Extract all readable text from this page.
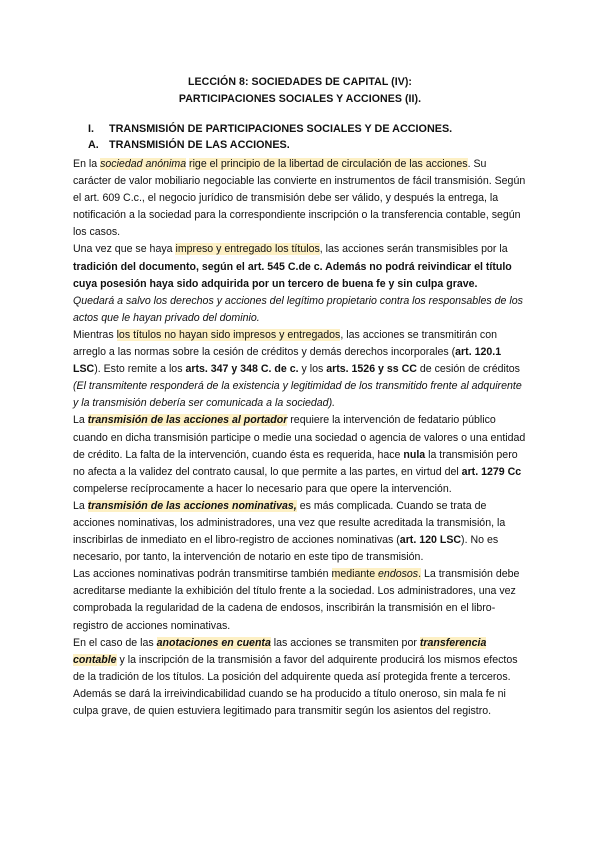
LECCIÓN 8: SOCIEDADES DE CAPITAL (IV):
PARTICIPACIONES SOCIALES Y ACCIONES (II).
I. TRANSMISIÓN DE PARTICIPACIONES SOCIALES Y DE ACCIONES.
A. TRANSMISIÓN DE LAS ACCIONES.

En la sociedad anónima rige el principio de la libertad de circulación de las acciones. Su carácter de valor mobiliario negociable las convierte en instrumentos de fácil transmisión. Según el art. 609 C.c., el negocio jurídico de transmisión debe ser válido, y después la entrega, la notificación a la sociedad para la correspondiente inscripción o la transferencia contable, según los casos.

Una vez que se haya impreso y entregado los títulos, las acciones serán transmisibles por la tradición del documento, según el art. 545 C.de c. Además no podrá reivindicar el título cuya posesión haya sido adquirida por un tercero de buena fe y sin culpa grave.
Quedará a salvo los derechos y acciones del legítimo propietario contra los responsables de los actos que le hayan privado del dominio.

Mientras los títulos no hayan sido impresos y entregados, las acciones se transmitirán con arreglo a las normas sobre la cesión de créditos y demás derechos incorporales (art. 120.1 LSC). Esto remite a los arts. 347 y 348 C. de c. y los arts. 1526 y ss CC de cesión de créditos
(El transmitente responderá de la existencia y legitimidad de los transmitido frente al adquirente y la transmisión debería ser comunicada a la sociedad).

La transmisión de las acciones al portador requiere la intervención de fedatario público cuando en dicha transmisión participe o medie una sociedad o agencia de valores o una entidad de crédito. La falta de la intervención, cuando ésta es requerida, hace nula la transmisión pero no afecta a la validez del contrato causal, lo que permite a las partes, en virtud del art. 1279 Cc compelerse recíprocamente a hacer lo necesario para que opere la intervención.

La transmisión de las acciones nominativas, es más complicada. Cuando se trata de acciones nominativas, los administradores, una vez que resulte acreditada la transmisión, la inscribirlas de inmediato en el libro-registro de acciones nominativas (art. 120 LSC). No es necesario, por tanto, la intervención de notario en este tipo de transmisión.

Las acciones nominativas podrán transmitirse también mediante endosos. La transmisión debe acreditarse mediante la exhibición del título frente a la sociedad. Los administradores, una vez comprobada la regularidad de la cadena de endosos, inscribirán la transmisión en el libro-registro de acciones nominativas.

En el caso de las anotaciones en cuenta las acciones se transmiten por transferencia contable y la inscripción de la transmisión a favor del adquirente producirá los mismos efectos de la tradición de los títulos. La posición del adquirente queda así protegida frente a terceros. Además se dará la irreivindicabilidad cuando se ha producido a título oneroso, sin mala fe ni culpa grave, de quien estuviera legitimado para transmitir según los asientos del registro.
